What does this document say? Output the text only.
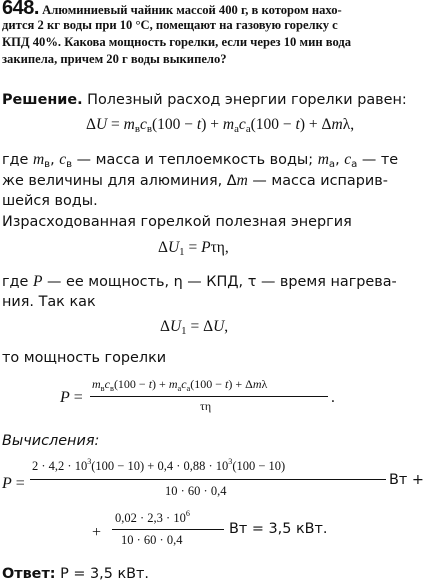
648. Алюминиевый чайник массой 400 г, в котором нахо-
дится 2 кг воды при 10 °С, помещают на газовую горелку с
КПД 40%. Какова мощность горелки, если через 10 мин вода
закипела, причем 20 г воды выкипело?
Решение. Полезный расход энергии горелки равен:
$\Delta U = m_вc_в(100 - t) + m_аc_а(100 - t) + \Delta m\lambda$,
где $m_в$, $c_в$ — масса и теплоемкость воды; $m_а$, $c_а$ — те
же величины для алюминия, Δm — масса испарив-
шейся воды.
Израсходованная горелкой полезная энергия
$\Delta U_1 = P\tau\eta$,
где P — ее мощность, η — КПД, τ — время нагрева-
ния. Так как
$\Delta U_1 = \Delta U$,
то мощность горелки
P =
$m_вc_в(100 - t) + m_аc_а(100 - t) + \Delta m\lambda$
τη	.
Вычисления:
P =
$2 \cdot 4,2 \cdot 10^3(100 - 10) + 0,4 \cdot 0,88 \cdot 10^3(100 - 10)$
10 · 60 · 0,4
Вт +
+
$0,02 \cdot 2,3 \cdot 10^6$
10 · 60 · 0,4
Вт = 3,5 кВт.
Ответ: P = 3,5 кВт.
